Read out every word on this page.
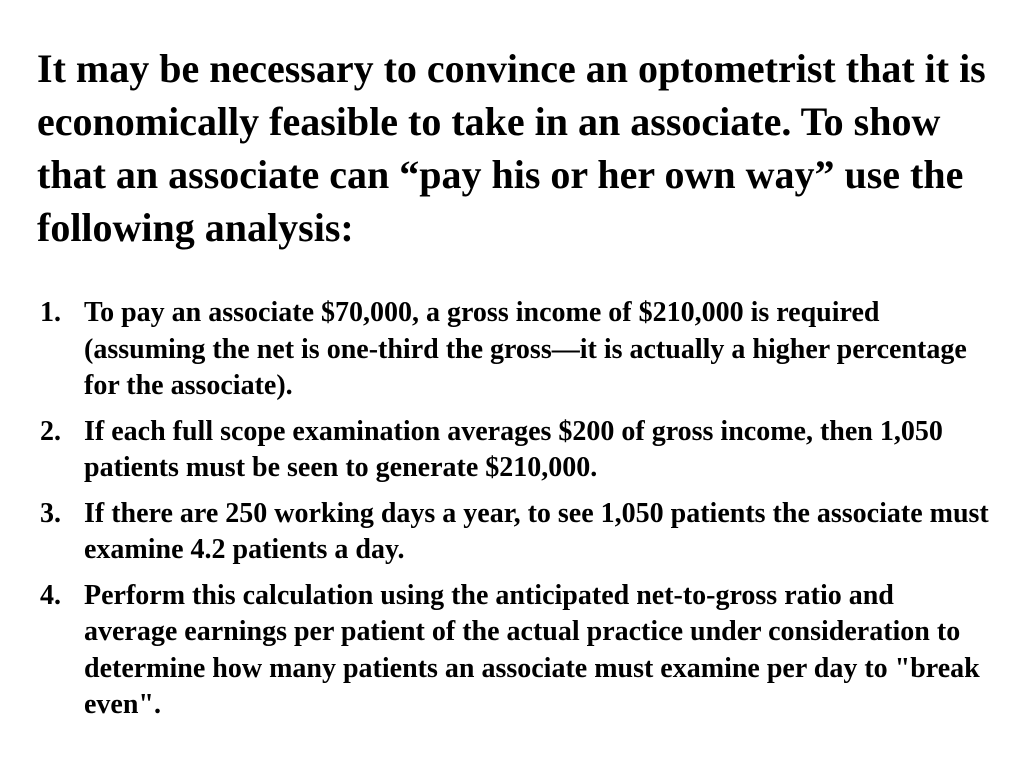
It may be necessary to convince an optometrist that it is economically feasible to take in an associate. To show that an associate can “pay his or her own way” use the following analysis:

1. To pay an associate $70,000, a gross income of $210,000 is required (assuming the net is one-third the gross—it is actually a higher percentage for the associate).
2. If each full scope examination averages $200 of gross income, then 1,050 patients must be seen to generate $210,000.
3. If there are 250 working days a year, to see 1,050 patients the associate must examine 4.2 patients a day.
4. Perform this calculation using the anticipated net-to-gross ratio and average earnings per patient of the actual practice under consideration to determine how many patients an associate must examine per day to "break even".
